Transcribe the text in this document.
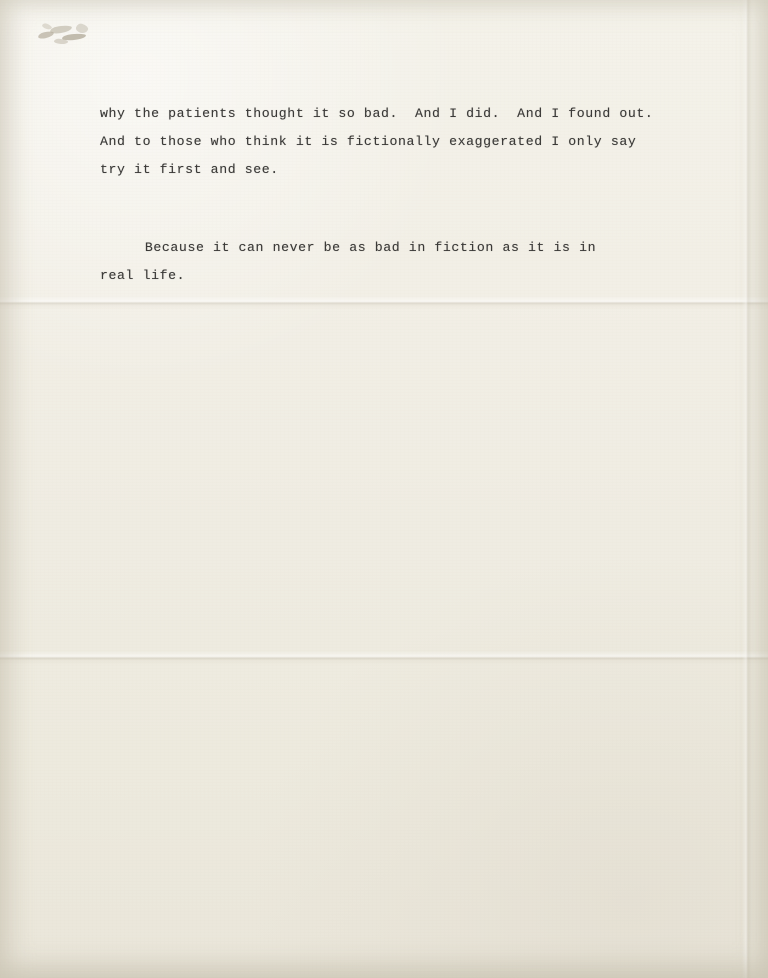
why the patients thought it so bad.  And I did.  And I found out.
And to those who think it is fictionally exaggerated I only say
try it first and see.

Because it can never be as bad in fiction as it is in
real life.
